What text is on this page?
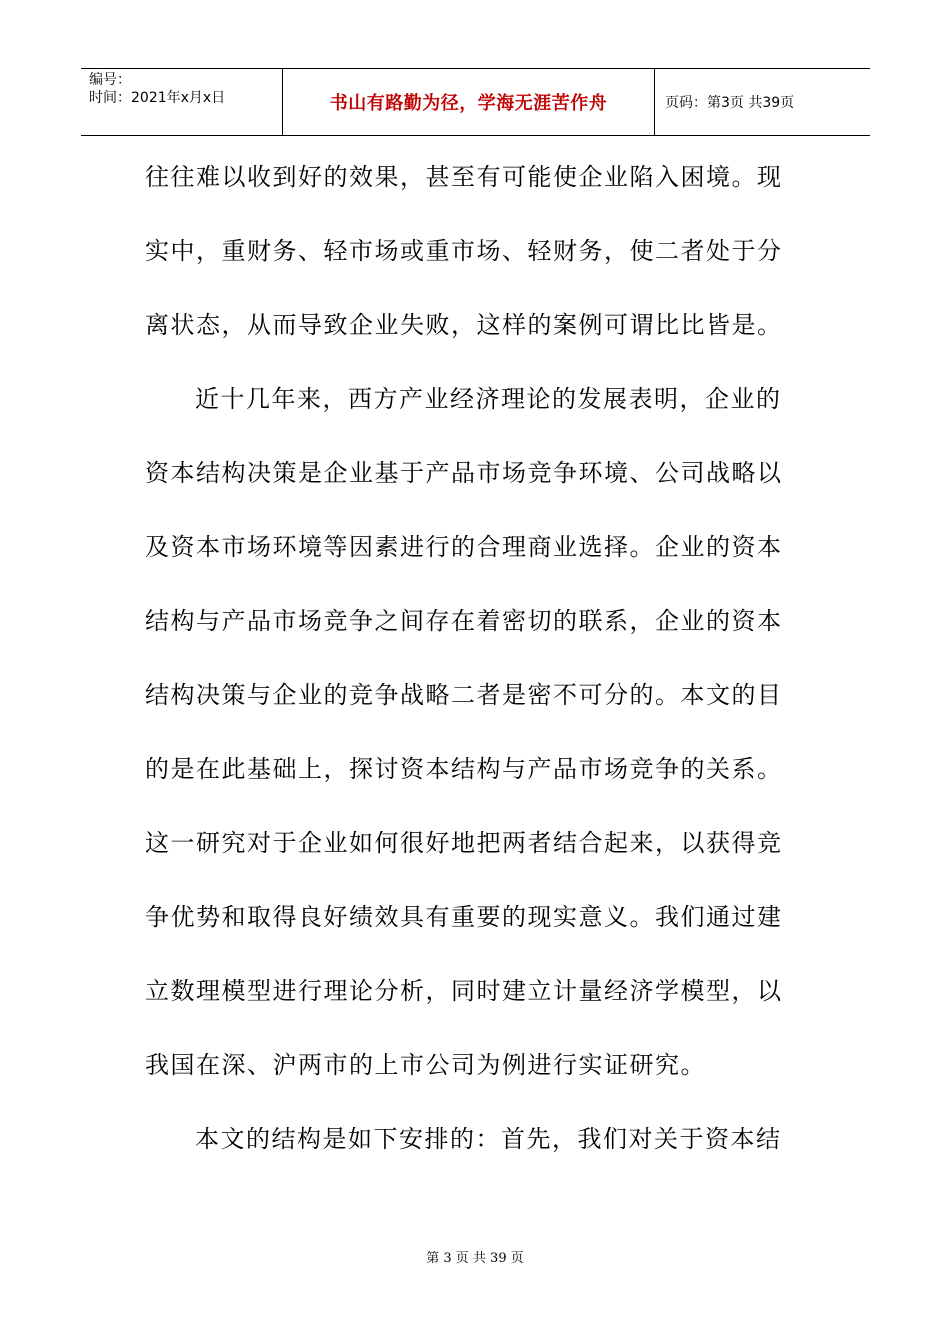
编号：
时间：2021年x月x日	书山有路勤为径，学海无涯苦作舟	页码：第3页 共39页
往往难以收到好的效果，甚至有可能使企业陷入困境。现
实中，重财务、轻市场或重市场、轻财务，使二者处于分
离状态，从而导致企业失败，这样的案例可谓比比皆是。
近十几年来，西方产业经济理论的发展表明，企业的
资本结构决策是企业基于产品市场竞争环境、公司战略以
及资本市场环境等因素进行的合理商业选择。企业的资本
结构与产品市场竞争之间存在着密切的联系，企业的资本
结构决策与企业的竞争战略二者是密不可分的。本文的目
的是在此基础上，探讨资本结构与产品市场竞争的关系。
这一研究对于企业如何很好地把两者结合起来，以获得竞
争优势和取得良好绩效具有重要的现实意义。我们通过建
立数理模型进行理论分析，同时建立计量经济学模型，以
我国在深、沪两市的上市公司为例进行实证研究。
本文的结构是如下安排的：首先，我们对关于资本结
第 3 页 共 39 页
